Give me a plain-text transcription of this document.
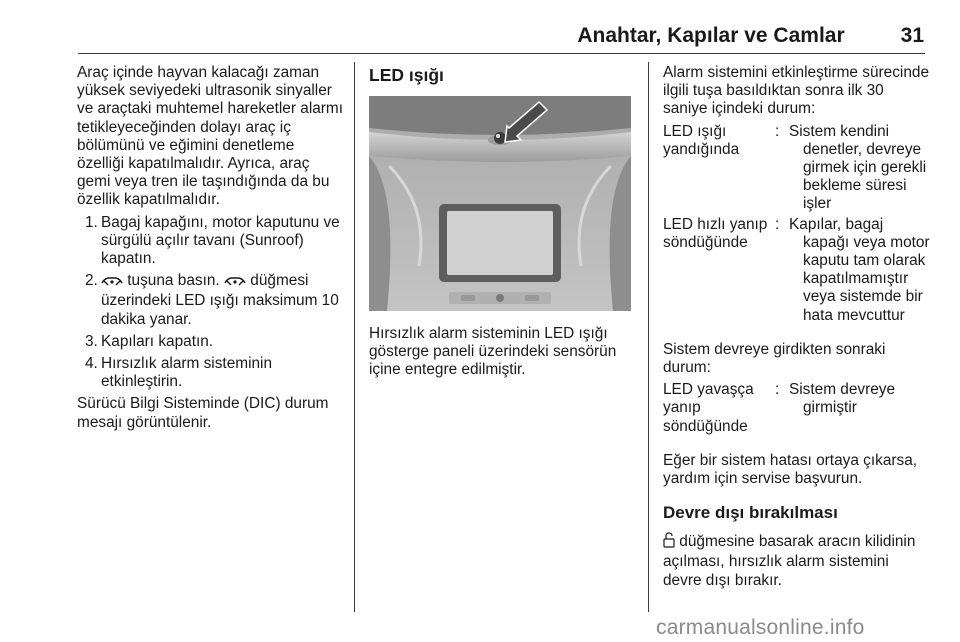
Anahtar, Kapılar ve Camlar	31

Araç içinde hayvan kalacağı zaman yüksek seviyedeki ultrasonik sinyaller ve araçtaki muhtemel hareketler alarmı tetikleyeceğinden dolayı araç iç bölümünü ve eğimini denetleme özelliği kapatılmalıdır. Ayrıca, araç gemi veya tren ile taşındığında da bu özellik kapatılmalıdır.

1. Bagaj kapağını, motor kaputunu ve sürgülü açılır tavanı (Sunroof) kapatın.
2. tuşuna basın. düğmesi üzerindeki LED ışığı maksimum 10 dakika yanar.
3. Kapıları kapatın.
4. Hırsızlık alarm sisteminin etkinleştirin.

Sürücü Bilgi Sisteminde (DIC) durum mesajı görüntülenir.

LED ışığı

Hırsızlık alarm sisteminin LED ışığı gösterge paneli üzerindeki sensörün içine entegre edilmiştir.

Alarm sistemini etkinleştirme sürecinde ilgili tuşa basıldıktan sonra ilk 30 saniye içindeki durum:

LED ışığı yandığında
: Sistem kendini
denetler, devreye girmek için gerekli bekleme süresi işler
LED hızlı yanıp söndüğünde
: Kapılar, bagaj
kapağı veya motor kaputu tam olarak kapatılmamıştır veya sistemde bir hata mevcuttur

Sistem devreye girdikten sonraki durum:

LED yavaşça yanıp söndüğünde
: Sistem devreye
girmiştir

Eğer bir sistem hatası ortaya çıkarsa, yardım için servise başvurun.

Devre dışı bırakılması

düğmesine basarak aracın kilidinin açılması, hırsızlık alarm sistemini devre dışı bırakır.

carmanualsonline.info
